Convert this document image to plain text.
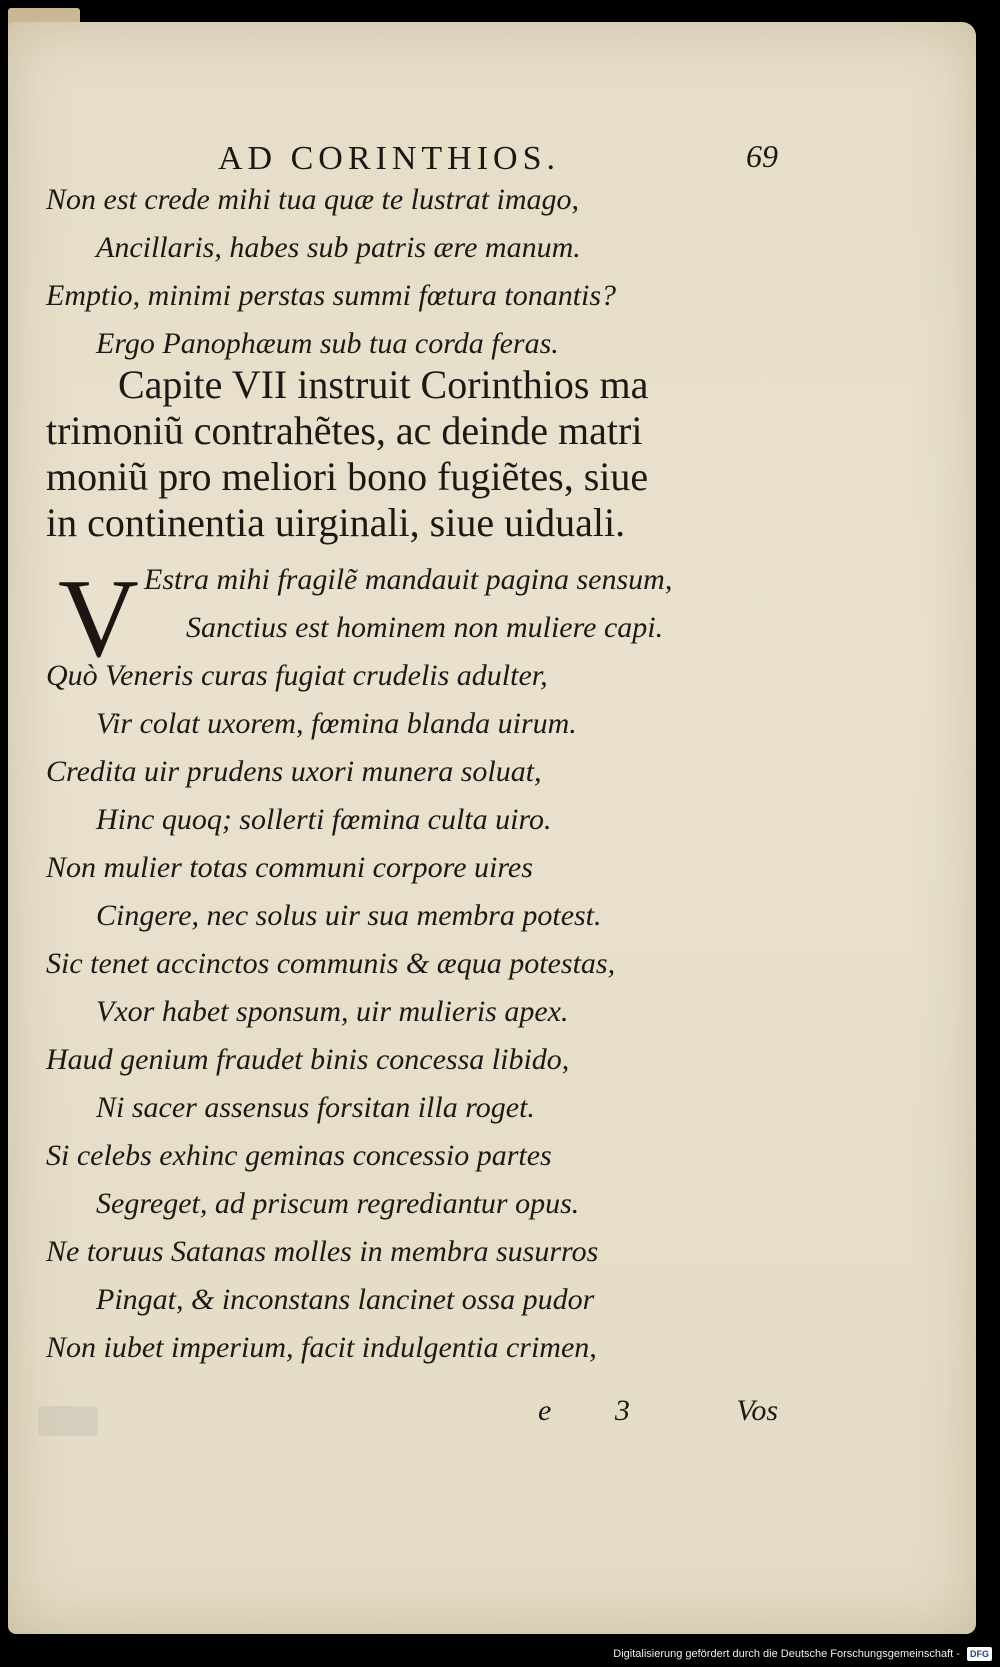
AD CORINTHIOS.	69
Non est crede mihi tua quæ te lustrat imago,
Ancillaris, habes sub patris ære manum.
Emptio, minimi perstas summi fœtura tonantis?
Ergo Panophæum sub tua corda feras.
Capite VII instruit Corinthios ma
trimoniũ contrahẽtes, ac deinde matri
moniũ pro meliori bono fugiẽtes, siue
in continentia uirginali, siue uiduali.
V Estra mihi fragilẽ mandauit pagina sensum,
Sanctius est hominem non muliere capi.
Quò Veneris curas fugiat crudelis adulter,
Vir colat uxorem, fœmina blanda uirum.
Credita uir prudens uxori munera soluat,
Hinc quoq; sollerti fœmina culta uiro.
Non mulier totas communi corpore uires
Cingere, nec solus uir sua membra potest.
Sic tenet accinctos communis & æqua potestas,
Vxor habet sponsum, uir mulieris apex.
Haud genium fraudet binis concessa libido,
Ni sacer assensus forsitan illa roget.
Si celebs exhinc geminas concessio partes
Segreget, ad priscum regrediantur opus.
Ne toruus Satanas molles in membra susurros
Pingat, & inconstans lancinet ossa pudor
Non iubet imperium, facit indulgentia crimen,
e 3	Vos
Digitalisierung gefördert durch die Deutsche Forschungsgemeinschaft - DFG
